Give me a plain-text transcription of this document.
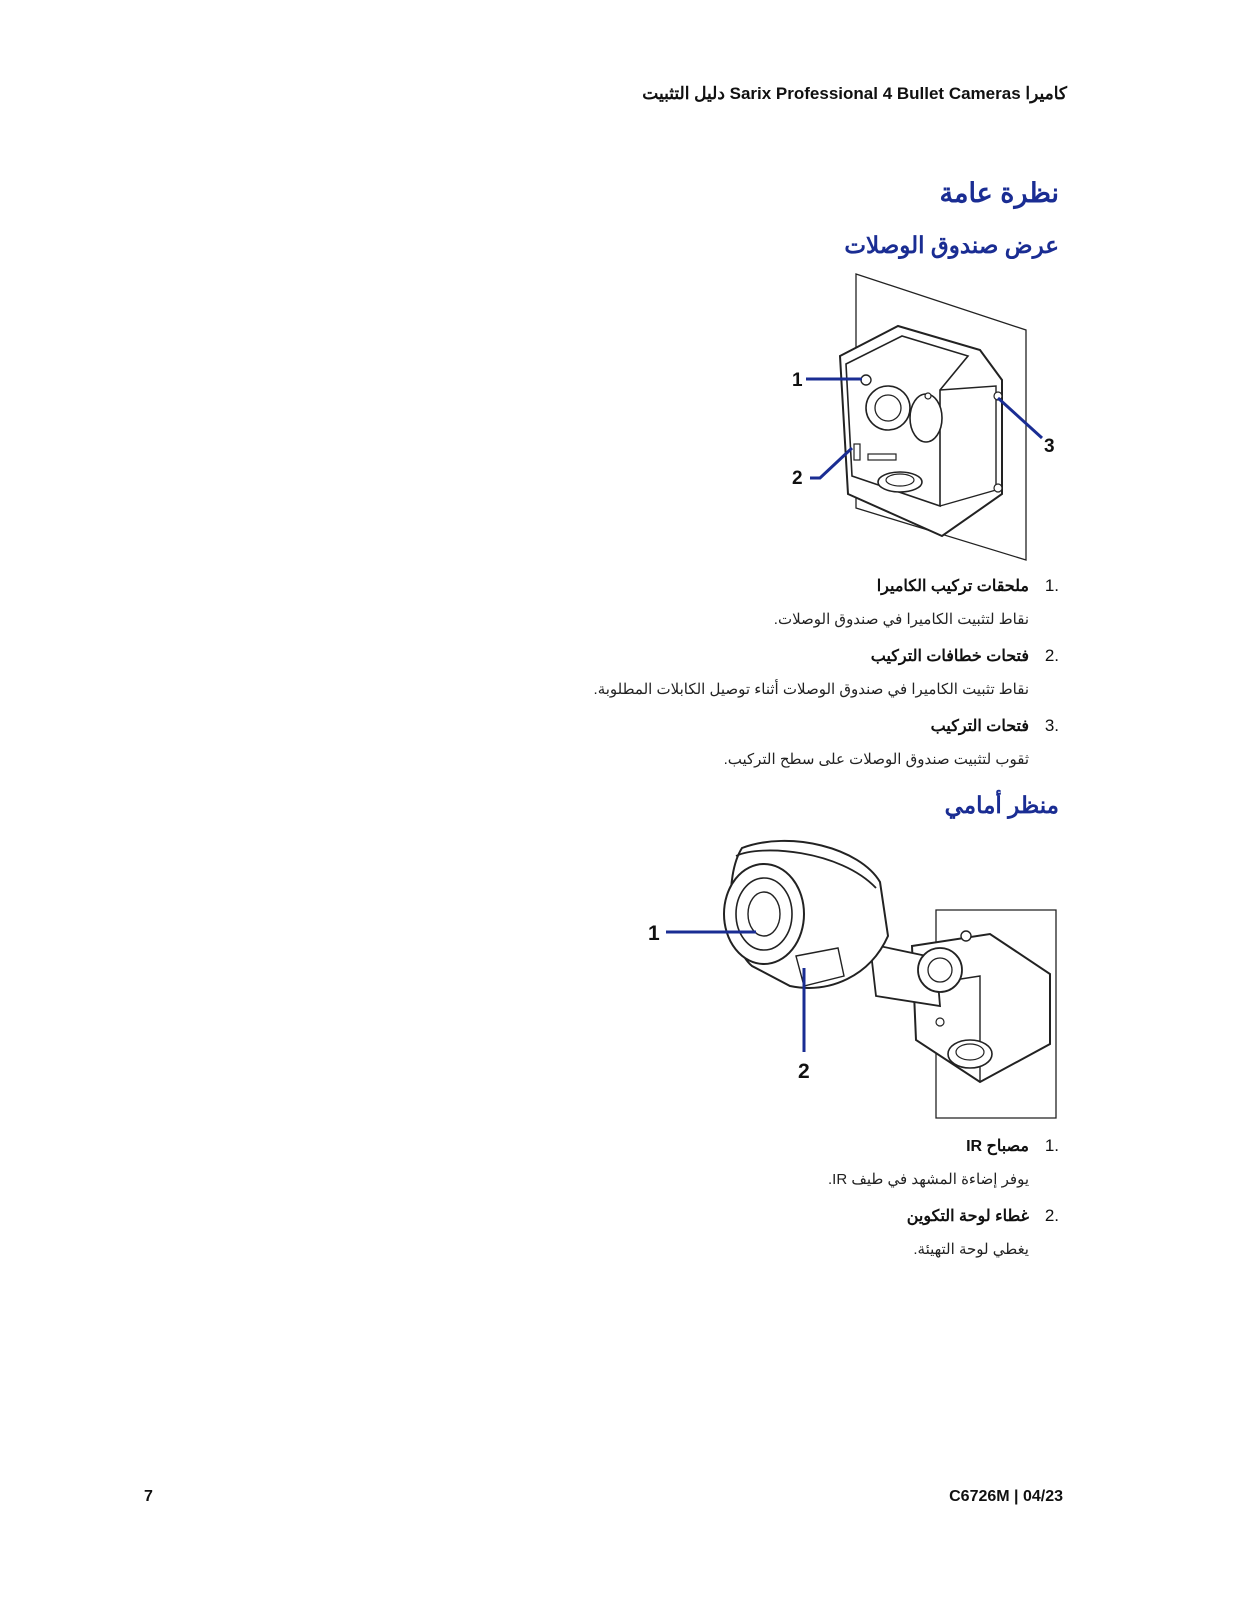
كاميرا Sarix Professional 4 Bullet Cameras دليل التثبيت
نظرة عامة
عرض صندوق الوصلات
1
2
3
1.
ملحقات تركيب الكاميرا
نقاط لتثبيت الكاميرا في صندوق الوصلات.
2.
فتحات خطافات التركيب
نقاط تثبيت الكاميرا في صندوق الوصلات أثناء توصيل الكابلات المطلوبة.
3.
فتحات التركيب
ثقوب لتثبيت صندوق الوصلات على سطح التركيب.
منظر أمامي
1
2
1.
مصباح IR
يوفر إضاءة المشهد في طيف IR.
2.
غطاء لوحة التكوين
يغطي لوحة التهيئة.
7	C6726M | 04/23
